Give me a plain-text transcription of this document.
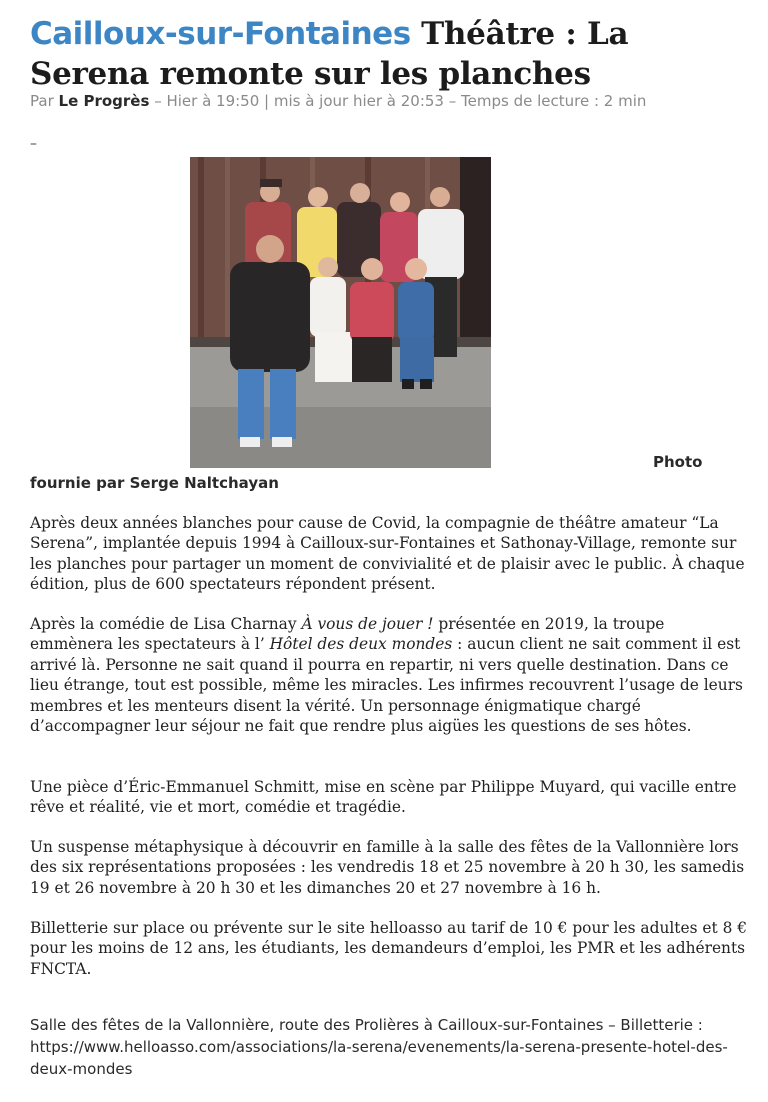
Cailloux-sur-Fontaines Théâtre : La Serena remonte sur les planches
Par Le Progrès – Hier à 19:50 | mis à jour hier à 20:53 – Temps de lecture : 2 min
–
Photo
fournie par Serge Naltchayan

Après deux années blanches pour cause de Covid, la compagnie de théâtre amateur “La Serena”, implantée depuis 1994 à Cailloux-sur-Fontaines et Sathonay-Village, remonte sur les planches pour partager un moment de convivialité et de plaisir avec le public. À chaque édition, plus de 600 spectateurs répondent présent.

Après la comédie de Lisa Charnay À vous de jouer ! présentée en 2019, la troupe emmènera les spectateurs à l’ Hôtel des deux mondes : aucun client ne sait comment il est arrivé là. Personne ne sait quand il pourra en repartir, ni vers quelle destination. Dans ce lieu étrange, tout est possible, même les miracles. Les infirmes recouvrent l’usage de leurs membres et les menteurs disent la vérité. Un personnage énigmatique chargé d’accompagner leur séjour ne fait que rendre plus aigües les questions de ses hôtes.

Une pièce d’Éric-Emmanuel Schmitt, mise en scène par Philippe Muyard, qui vacille entre rêve et réalité, vie et mort, comédie et tragédie.

Un suspense métaphysique à découvrir en famille à la salle des fêtes de la Vallonnière lors des six représentations proposées : les vendredis 18 et 25 novembre à 20 h 30, les samedis 19 et 26 novembre à 20 h 30 et les dimanches 20 et 27 novembre à 16 h.

Billetterie sur place ou prévente sur le site helloasso au tarif de 10 € pour les adultes et 8 € pour les moins de 12 ans, les étudiants, les demandeurs d’emploi, les PMR et les adhérents FNCTA.

Salle des fêtes de la Vallonnière, route des Prolières à Cailloux-sur-Fontaines – Billetterie : https://www.helloasso.com/associations/la-serena/evenements/la-serena-presente-hotel-des-deux-mondes
